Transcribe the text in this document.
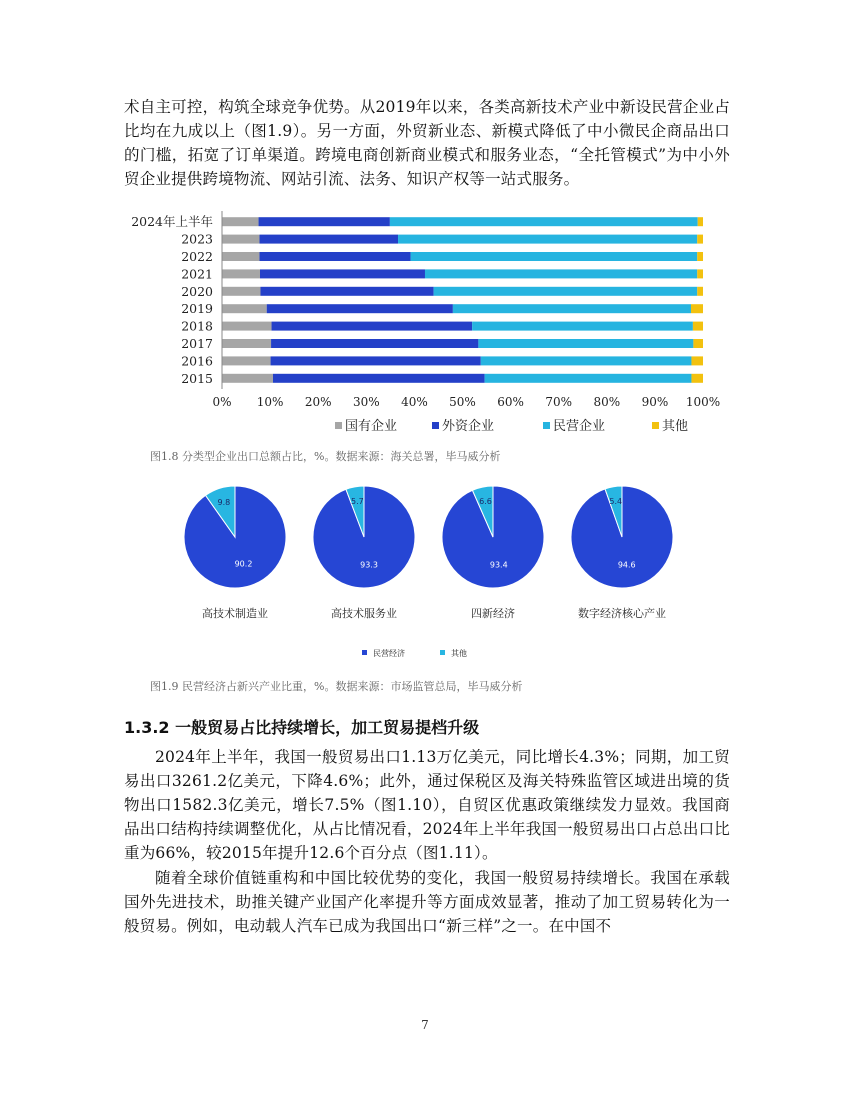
术自主可控，构筑全球竞争优势。从2019年以来，各类高新技术产业中新设民营企业占比均在九成以上（图1.9）。另一方面，外贸新业态、新模式降低了中小微民企商品出口的门槛，拓宽了订单渠道。跨境电商创新商业模式和服务业态，“全托管模式”为中小外贸企业提供跨境物流、网站引流、法务、知识产权等一站式服务。

2024年上半年
2023
2022
2021
2020
2019
2018
2017
2016
2015
0% 10% 20% 30% 40% 50% 60% 70% 80% 90% 100%
国有企业	外资企业	民营企业	其他
图1.8 分类型企业出口总额占比，%。数据来源：海关总署，毕马威分析
90.2
9.8
高技术制造业
93.3
5.7
高技术服务业
93.4
6.6
四新经济
94.6
5.4
数字经济核心产业
民营经济	其他
图1.9 民营经济占新兴产业比重，%。数据来源：市场监管总局，毕马威分析
1.3.2 一般贸易占比持续增长，加工贸易提档升级

2024年上半年，我国一般贸易出口1.13万亿美元，同比增长4.3%；同期，加工贸易出口3261.2亿美元，下降4.6%；此外，通过保税区及海关特殊监管区域进出境的货物出口1582.3亿美元，增长7.5%（图1.10），自贸区优惠政策继续发力显效。我国商品出口结构持续调整优化，从占比情况看，2024年上半年我国一般贸易出口占总出口比重为66%，较2015年提升12.6个百分点（图1.11）。

随着全球价值链重构和中国比较优势的变化，我国一般贸易持续增长。我国在承载国外先进技术，助推关键产业国产化率提升等方面成效显著，推动了加工贸易转化为一般贸易。例如，电动载人汽车已成为我国出口“新三样”之一。在中国不

7
